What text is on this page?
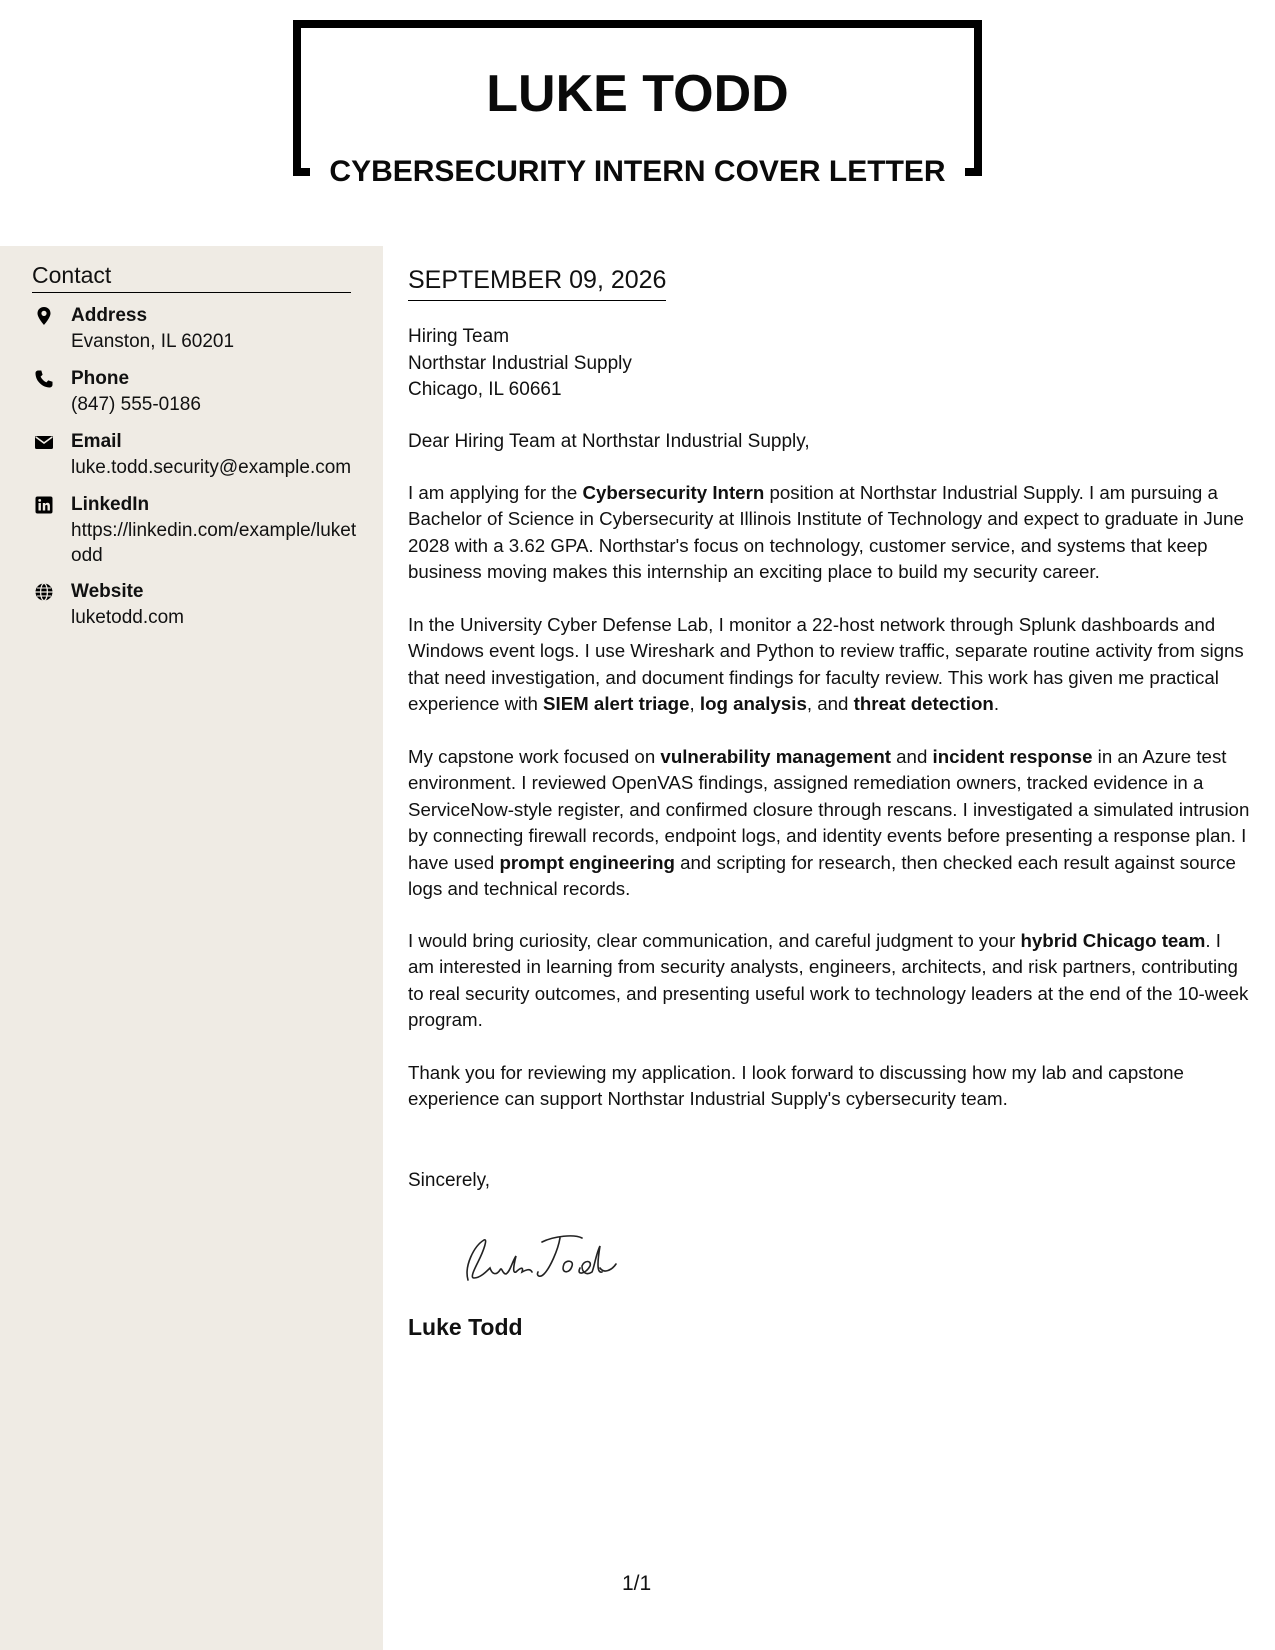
LUKE TODD
CYBERSECURITY INTERN COVER LETTER
Contact
Address
Evanston, IL 60201
Phone
(847) 555-0186
Email
luke.todd.security@example.com
LinkedIn
https://linkedin.com/example/luketodd
Website
luketodd.com
SEPTEMBER 09, 2026
Hiring Team
Northstar Industrial Supply
Chicago, IL 60661
Dear Hiring Team at Northstar Industrial Supply,

I am applying for the Cybersecurity Intern position at Northstar Industrial Supply. I am pursuing a Bachelor of Science in Cybersecurity at Illinois Institute of Technology and expect to graduate in June 2028 with a 3.62 GPA. Northstar's focus on technology, customer service, and systems that keep business moving makes this internship an exciting place to build my security career.

In the University Cyber Defense Lab, I monitor a 22-host network through Splunk dashboards and Windows event logs. I use Wireshark and Python to review traffic, separate routine activity from signs that need investigation, and document findings for faculty review. This work has given me practical experience with SIEM alert triage, log analysis, and threat detection.

My capstone work focused on vulnerability management and incident response in an Azure test environment. I reviewed OpenVAS findings, assigned remediation owners, tracked evidence in a ServiceNow-style register, and confirmed closure through rescans. I investigated a simulated intrusion by connecting firewall records, endpoint logs, and identity events before presenting a response plan. I have used prompt engineering and scripting for research, then checked each result against source logs and technical records.

I would bring curiosity, clear communication, and careful judgment to your hybrid Chicago team. I am interested in learning from security analysts, engineers, architects, and risk partners, contributing to real security outcomes, and presenting useful work to technology leaders at the end of the 10-week program.

Thank you for reviewing my application. I look forward to discussing how my lab and capstone experience can support Northstar Industrial Supply's cybersecurity team.

Sincerely,
Luke Todd
1/1
